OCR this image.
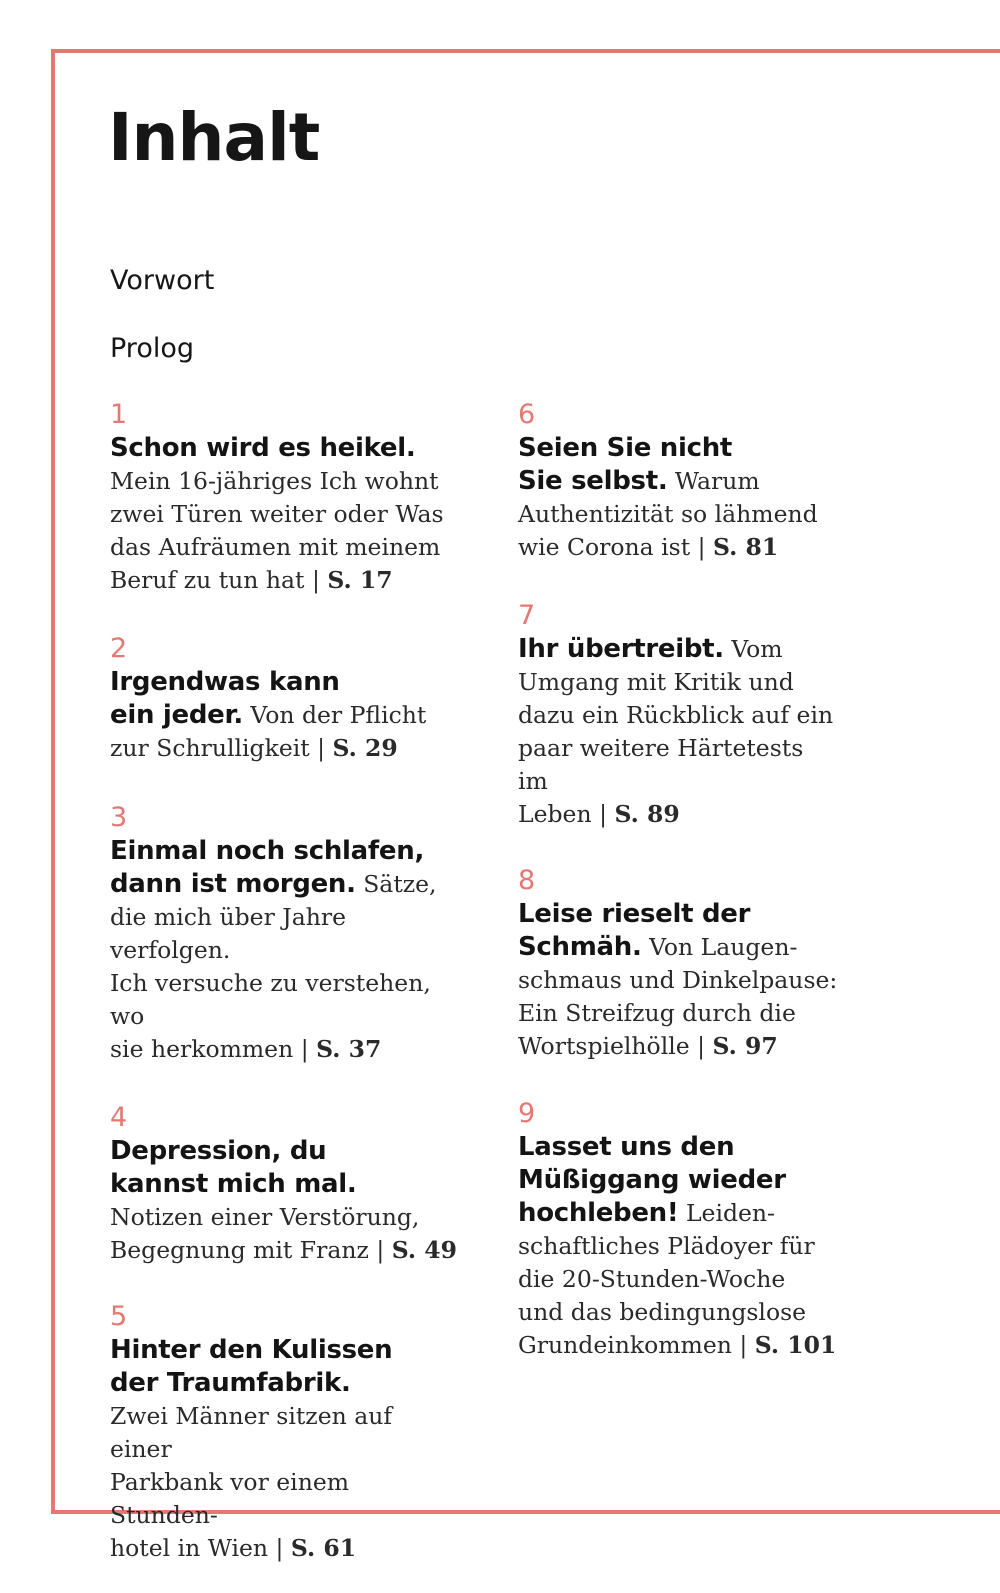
Inhalt
Vorwort
Prolog
1
Schon wird es heikel. Mein 16-jähriges Ich wohnt
zwei Türen weiter oder Was
das Aufräumen mit meinem
Beruf zu tun hat | S. 17
2
Irgendwas kann
ein jeder. Von der Pflicht
zur Schrulligkeit | S. 29
3
Einmal noch schlafen,
dann ist morgen. Sätze,
die mich über Jahre verfolgen.
Ich versuche zu verstehen, wo
sie herkommen | S. 37
4
Depression, du
kannst mich mal.
Notizen einer Verstörung,
Begegnung mit Franz | S. 49
5
Hinter den Kulissen
der Traumfabrik.
Zwei Männer sitzen auf einer
Parkbank vor einem Stunden-
hotel in Wien | S. 61
6
Seien Sie nicht
Sie selbst. Warum
Authentizität so lähmend
wie Corona ist | S. 81
7
Ihr übertreibt. Vom
Umgang mit Kritik und
dazu ein Rückblick auf ein
paar weitere Härtetests im
Leben | S. 89
8
Leise rieselt der
Schmäh. Von Laugen-
schmaus und Dinkelpause:
Ein Streifzug durch die
Wortspielhölle | S. 97
9
Lasset uns den
Müßiggang wieder
hochleben! Leiden-
schaftliches Plädoyer für
die 20-Stunden-Woche
und das bedingungslose
Grundeinkommen | S. 101
